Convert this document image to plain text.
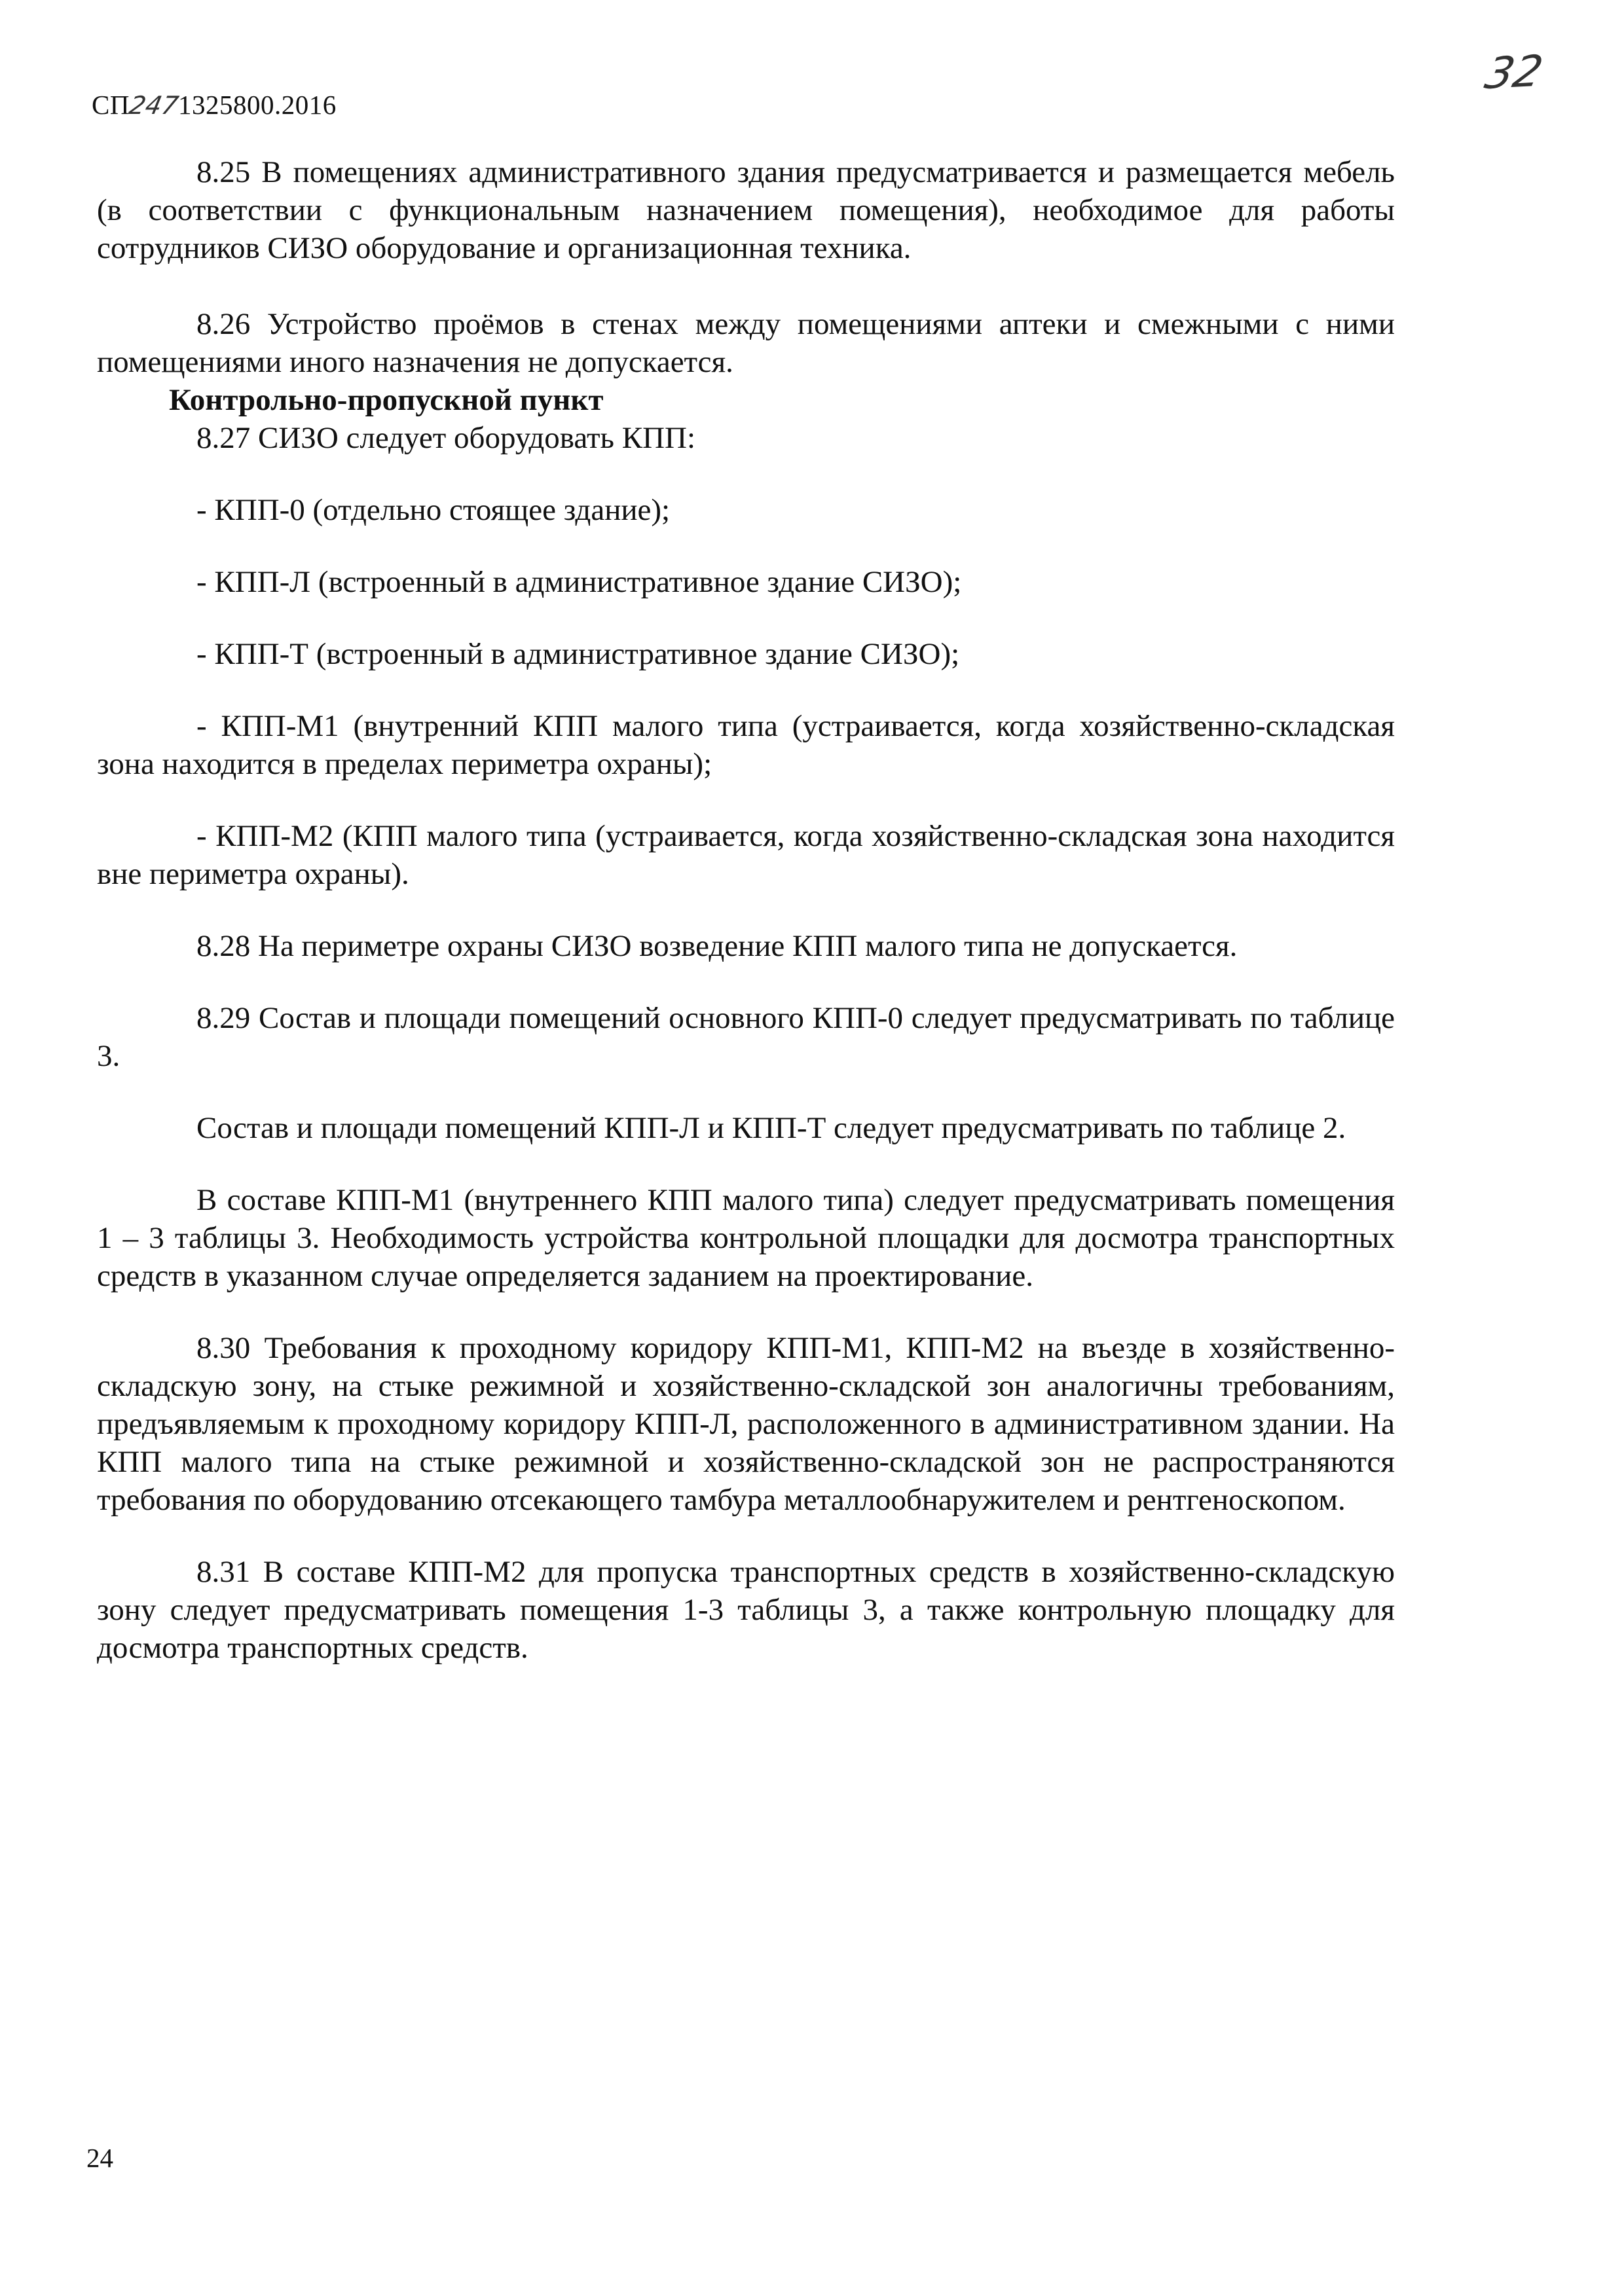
СП2471325800.2016
32

8.25 В помещениях административного здания предусматривается и размещается мебель (в соответствии с функциональным назначением помещения), необходимое для работы сотрудников СИЗО оборудование и организационная техника.

8.26 Устройство проёмов в стенах между помещениями аптеки и смежными с ними помещениями иного назначения не допускается.

Контрольно-пропускной пункт

8.27 СИЗО следует оборудовать КПП:

- КПП-0 (отдельно стоящее здание);

- КПП-Л (встроенный в административное здание СИЗО);

- КПП-Т (встроенный в административное здание СИЗО);

- КПП-М1 (внутренний КПП малого типа (устраивается, когда хозяйственно-складская зона находится в пределах периметра охраны);

- КПП-М2 (КПП малого типа (устраивается, когда хозяйственно-складская зона находится вне периметра охраны).

8.28 На периметре охраны СИЗО возведение КПП малого типа не допускается.

8.29 Состав и площади помещений основного КПП-0 следует предусматривать по таблице 3.

Состав и площади помещений КПП-Л и КПП-Т следует предусматривать по таблице 2.

В составе КПП-М1 (внутреннего КПП малого типа) следует предусматривать помещения 1 – 3 таблицы 3. Необходимость устройства контрольной площадки для досмотра транспортных средств в указанном случае определяется заданием на проектирование.

8.30 Требования к проходному коридору КПП-М1, КПП-М2 на въезде в хозяйственно-складскую зону, на стыке режимной и хозяйственно-складской зон аналогичны требованиям, предъявляемым к проходному коридору КПП-Л, расположенного в административном здании. На КПП малого типа на стыке режимной и хозяйственно-складской зон не распространяются требования по оборудованию отсекающего тамбура металлообнаружителем и рентгеноскопом.

8.31 В составе КПП-М2 для пропуска транспортных средств в хозяйственно-складскую зону следует предусматривать помещения 1-3 таблицы 3, а также контрольную площадку для досмотра транспортных средств.

24
